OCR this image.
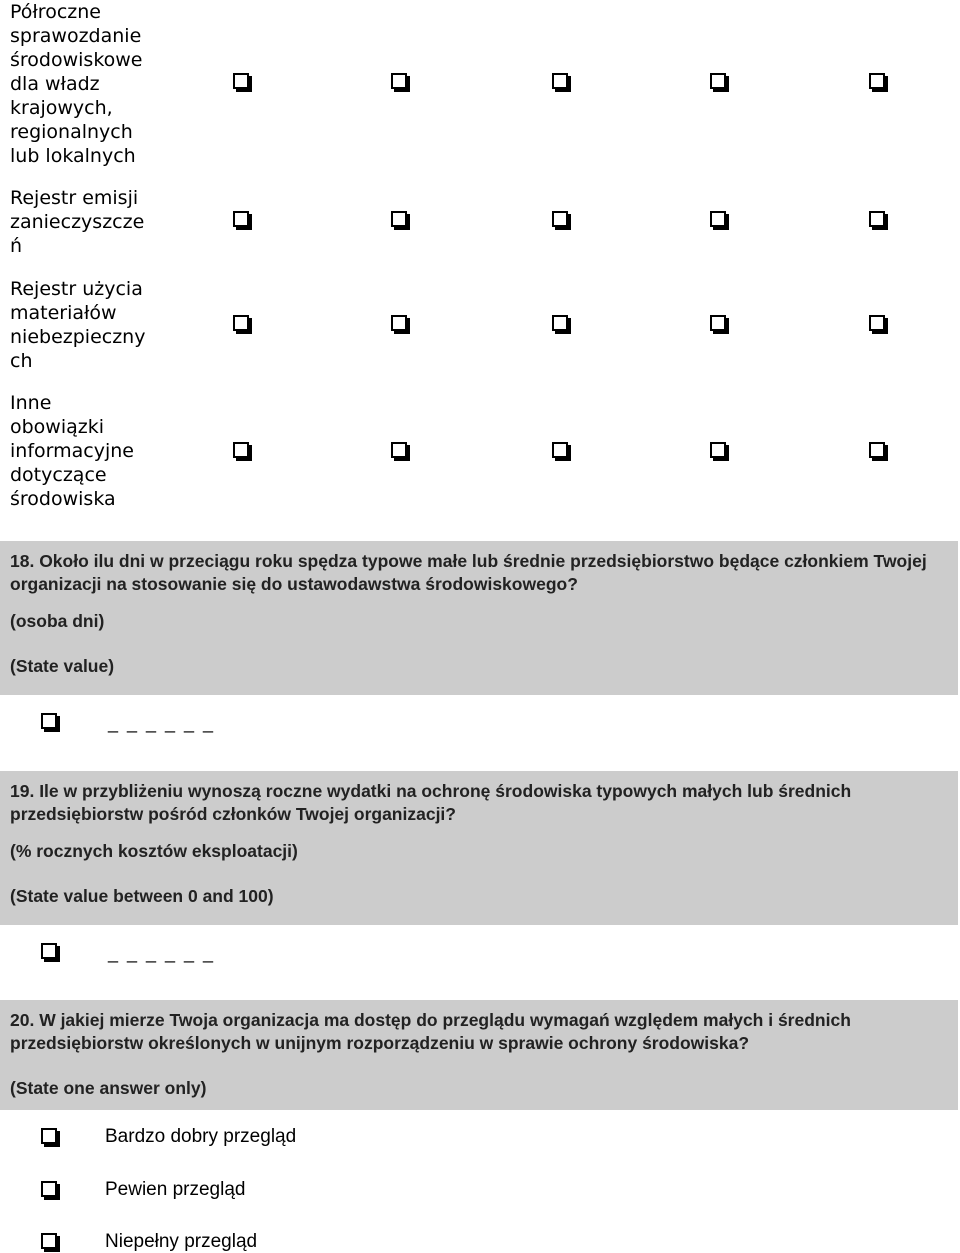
Półroczne
sprawozdanie
środowiskowe
dla władz
krajowych,
regionalnych
lub lokalnych
Rejestr emisji
zanieczyszcze
ń
Rejestr użycia
materiałów
niebezpieczny
ch
Inne
obowiązki
informacyjne
dotyczące
środowiska
18. Około ilu dni w przeciągu roku spędza typowe małe lub średnie przedsiębiorstwo będące członkiem Twojej organizacji na stosowanie się do ustawodawstwa środowiskowego?
(osoba dni)
(State value)
_ _ _ _ _ _
19. Ile w przybliżeniu wynoszą roczne wydatki na ochronę środowiska typowych małych lub średnich przedsiębiorstw pośród członków Twojej organizacji?
(% rocznych kosztów eksploatacji)
(State value between 0 and 100)
_ _ _ _ _ _
20. W jakiej mierze Twoja organizacja ma dostęp do przeglądu wymagań względem małych i średnich przedsiębiorstw określonych w unijnym rozporządzeniu w sprawie ochrony środowiska?
(State one answer only)
Bardzo dobry przegląd
Pewien przegląd
Niepełny przegląd
